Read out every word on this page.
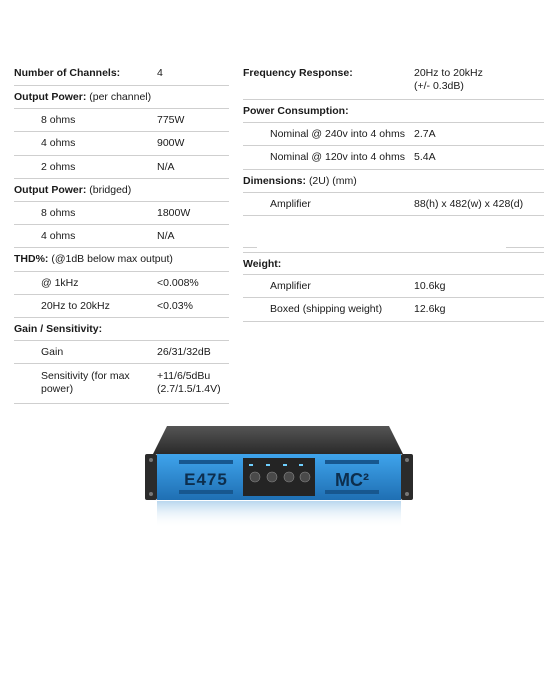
Number of Channels:	4
Output Power: (per channel)
8 ohms	775W
4 ohms	900W
2 ohms	N/A
Output Power: (bridged)
8 ohms	1800W
4 ohms	N/A
THD%: (@1dB below max output)
@ 1kHz	<0.008%
20Hz to 20kHz	<0.03%
Gain / Sensitivity:
Gain	26/31/32dB
Sensitivity (for max
power)
+11/6/5dBu
(2.7/1.5/1.4V)
Frequency Response:	20Hz to 20kHz
(+/- 0.3dB)
Power Consumption:
Nominal @ 240v into 4 ohms 2.7A
Nominal @ 120v into 4 ohms 5.4A
Dimensions: (2U) (mm)
Amplifier	88(h) x 482(w) x 428(d)
Weight:
Amplifier	10.6kg
Boxed (shipping weight)	12.6kg
E475	MC²
